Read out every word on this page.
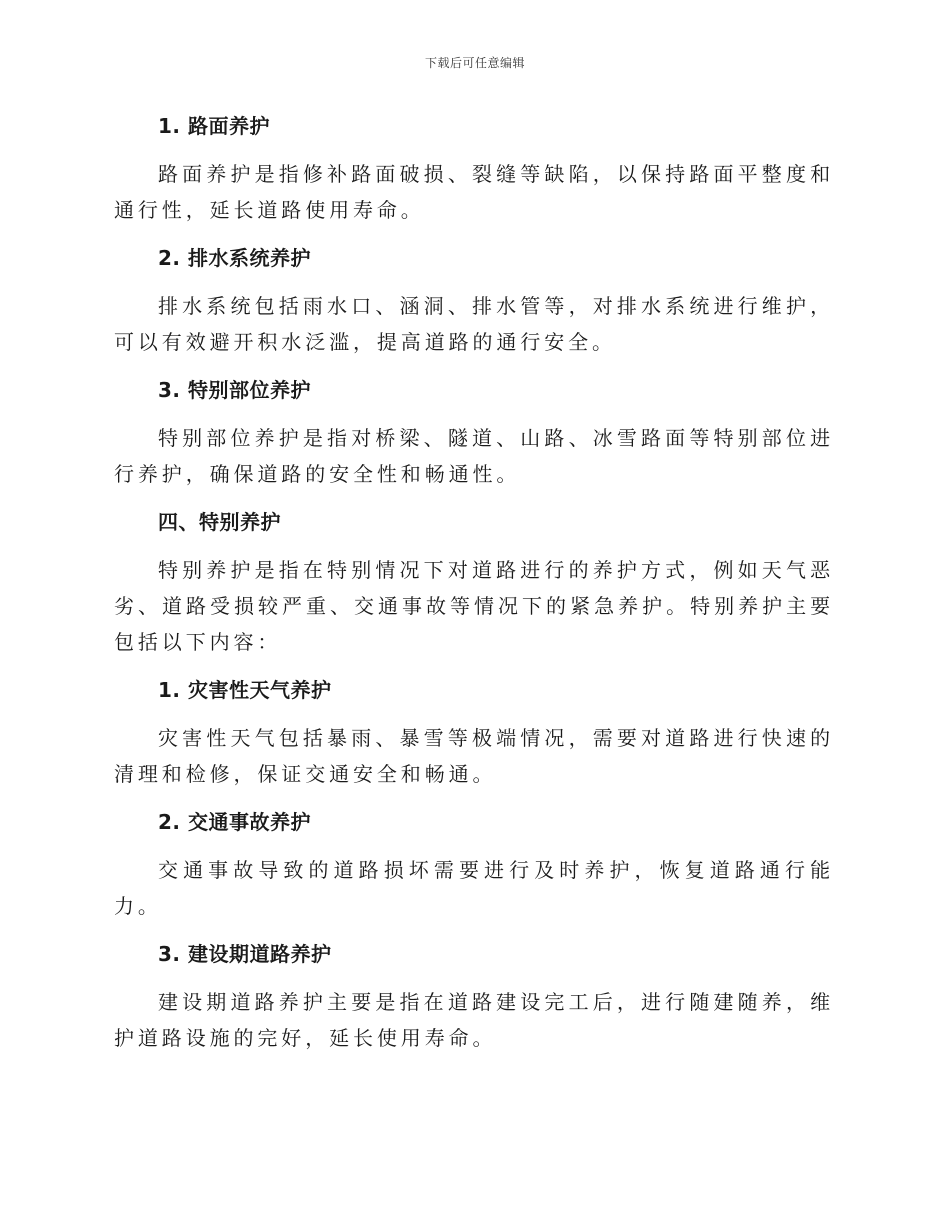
下载后可任意编辑
1. 路面养护

路面养护是指修补路面破损、裂缝等缺陷，以保持路面平整度和通行性，延长道路使用寿命。

2. 排水系统养护

排水系统包括雨水口、涵洞、排水管等，对排水系统进行维护，可以有效避开积水泛滥，提高道路的通行安全。

3. 特别部位养护

特别部位养护是指对桥梁、隧道、山路、冰雪路面等特别部位进行养护，确保道路的安全性和畅通性。

四、特别养护

特别养护是指在特别情况下对道路进行的养护方式，例如天气恶劣、道路受损较严重、交通事故等情况下的紧急养护。特别养护主要包括以下内容：

1. 灾害性天气养护

灾害性天气包括暴雨、暴雪等极端情况，需要对道路进行快速的清理和检修，保证交通安全和畅通。

2. 交通事故养护

交通事故导致的道路损坏需要进行及时养护，恢复道路通行能力。

3. 建设期道路养护

建设期道路养护主要是指在道路建设完工后，进行随建随养，维护道路设施的完好，延长使用寿命。
